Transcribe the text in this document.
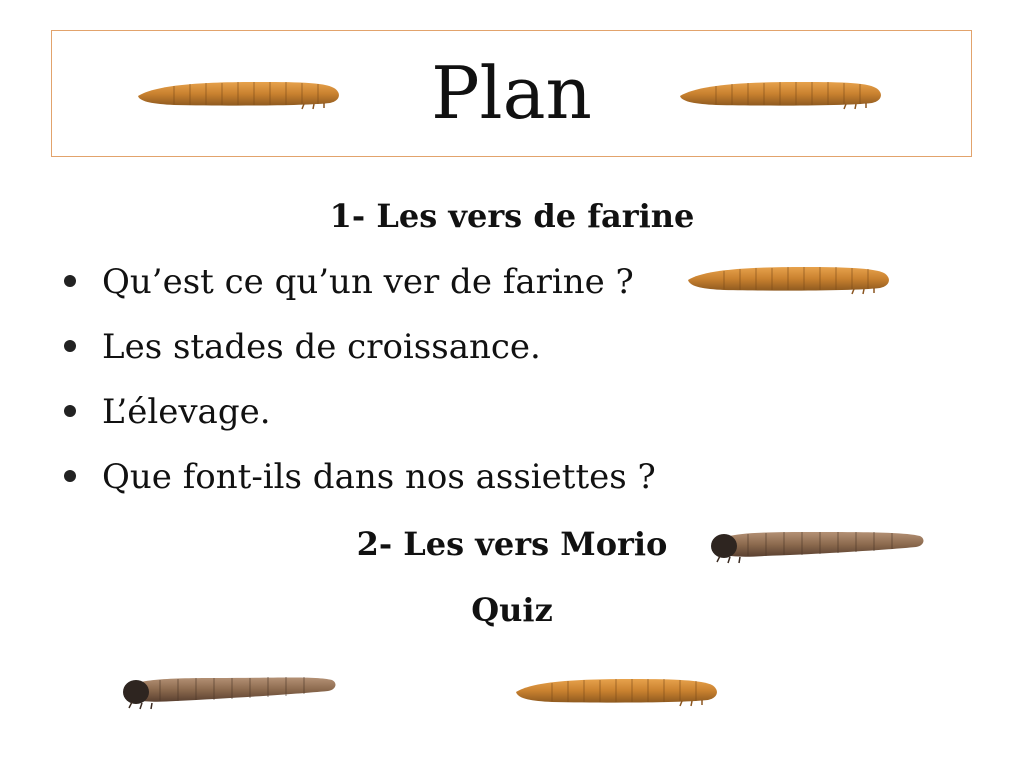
Plan
1- Les vers de farine
Qu’est ce qu’un ver de farine ?
Les stades de croissance.
L’élevage.
Que font-ils dans nos assiettes ?
2- Les vers Morio
Quiz
